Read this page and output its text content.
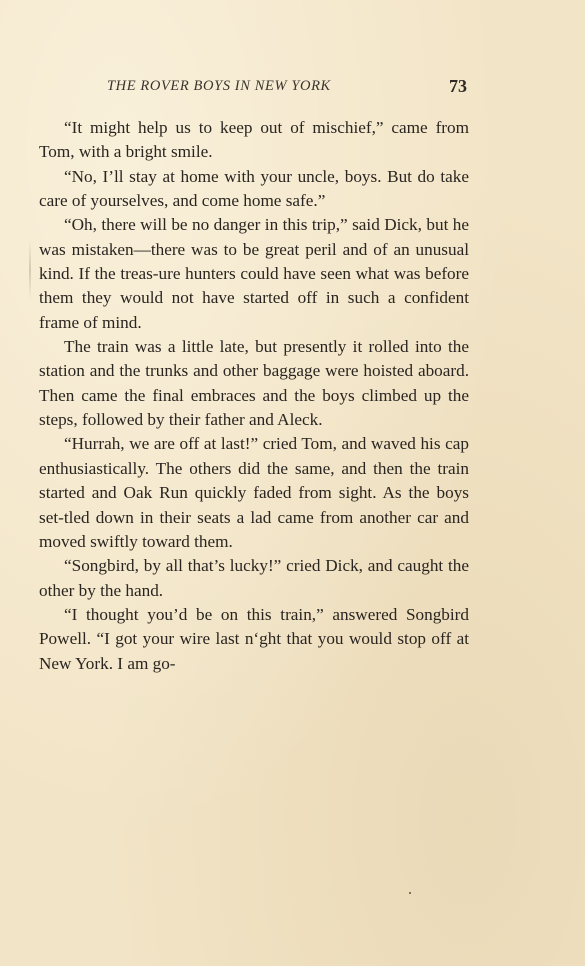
THE ROVER BOYS IN NEW YORK	73

“It might help us to keep out of mischief,” came from Tom, with a bright smile.

“No, I’ll stay at home with your uncle, boys. But do take care of yourselves, and come home safe.”

“Oh, there will be no danger in this trip,” said Dick, but he was mistaken—there was to be great peril and of an unusual kind. If the treas-ure hunters could have seen what was before them they would not have started off in such a confident frame of mind.

The train was a little late, but presently it rolled into the station and the trunks and other baggage were hoisted aboard. Then came the final embraces and the boys climbed up the steps, followed by their father and Aleck.

“Hurrah, we are off at last!” cried Tom, and waved his cap enthusiastically. The others did the same, and then the train started and Oak Run quickly faded from sight. As the boys set-tled down in their seats a lad came from another car and moved swiftly toward them.

“Songbird, by all that’s lucky!” cried Dick, and caught the other by the hand.

“I thought you’d be on this train,” answered Songbird Powell. “I got your wire last n‘ght that you would stop off at New York. I am go-
